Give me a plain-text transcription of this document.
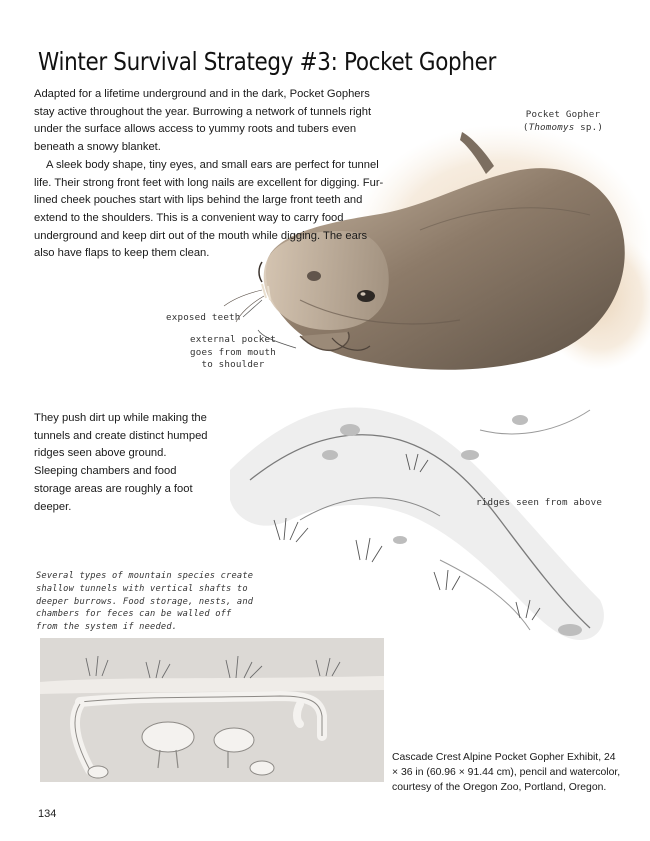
Winter Survival Strategy #3: Pocket Gopher

Adapted for a lifetime underground and in the dark, Pocket Gophers stay active throughout the year. Burrowing a network of tunnels right under the surface allows access to yummy roots and tubers even beneath a snowy blanket.

A sleek body shape, tiny eyes, and small ears are perfect for tunnel life. Their strong front feet with long nails are excellent for digging. Fur-lined cheek pouches start with lips behind the large front teeth and extend to the shoulders. This is a convenient way to carry food underground and keep dirt out of the mouth while digging. The ears also have flaps to keep them clean.

Pocket Gopher
(Thomomys sp.)
exposed teeth
external pocket goes from mouth to shoulder
They push dirt up while making the tunnels and create distinct humped ridges seen above ground. Sleeping chambers and food storage areas are roughly a foot deeper.	ridges seen from above
Several types of mountain species create shallow tunnels with vertical shafts to deeper burrows. Food storage, nests, and chambers for feces can be walled off from the system if needed.
Cascade Crest Alpine Pocket Gopher Exhibit, 24 × 36 in (60.96 × 91.44 cm), pencil and watercolor, courtesy of the Oregon Zoo, Portland, Oregon.
134
